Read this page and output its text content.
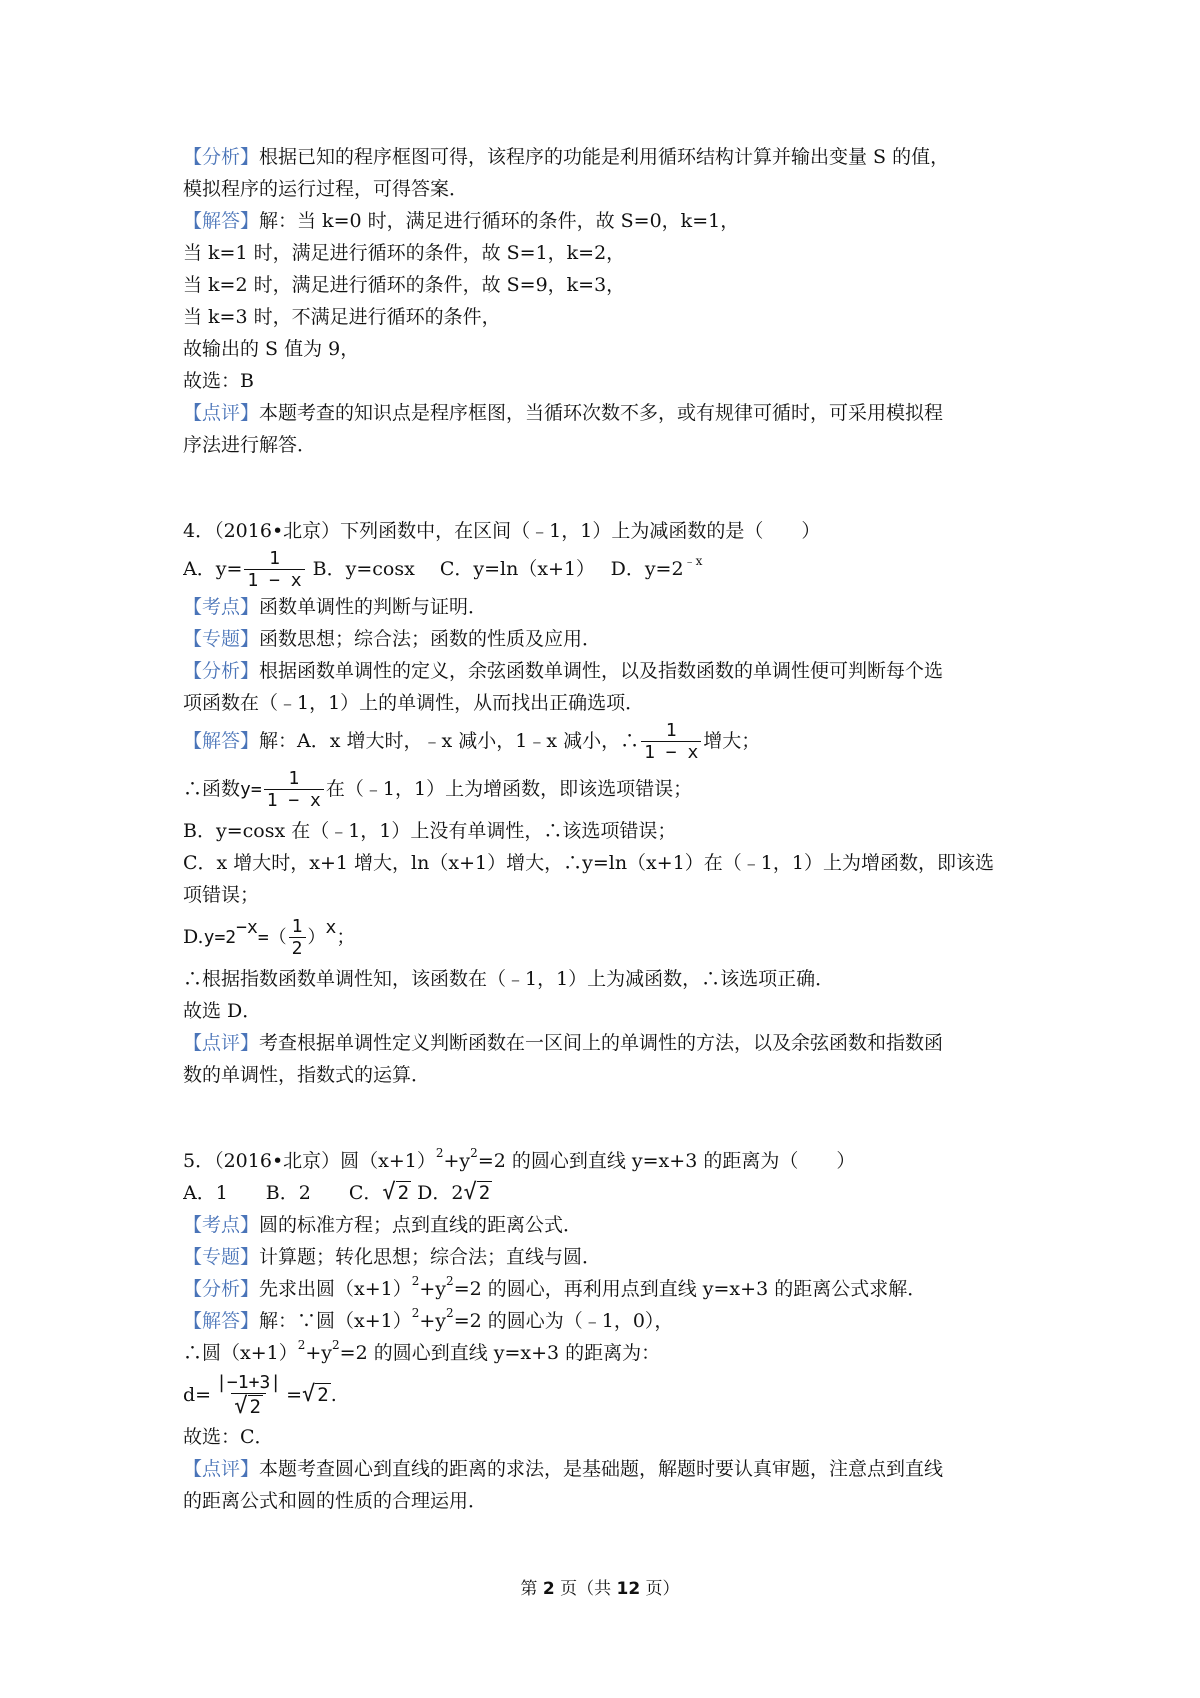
【分析】根据已知的程序框图可得，该程序的功能是利用循环结构计算并输出变量 S 的值，
模拟程序的运行过程，可得答案．
【解答】解：当 k=0 时，满足进行循环的条件，故 S=0，k=1，
当 k=1 时，满足进行循环的条件，故 S=1，k=2，
当 k=2 时，满足进行循环的条件，故 S=9，k=3，
当 k=3 时，不满足进行循环的条件，
故输出的 S 值为 9，
故选：B
【点评】本题考查的知识点是程序框图，当循环次数不多，或有规律可循时，可采用模拟程
序法进行解答．
4．（2016•北京）下列函数中，在区间（﹣1，1）上为减函数的是（　　）
A．$y= \frac{1}{1 - x}$ B．y=cosx　 C．y=ln（x+1）　 D．$y=2^{﹣x}$
【考点】函数单调性的判断与证明．
【专题】函数思想；综合法；函数的性质及应用．
【分析】根据函数单调性的定义，余弦函数单调性，以及指数函数的单调性便可判断每个选
项函数在（﹣1，1）上的单调性，从而找出正确选项．
【解答】解：A．x 增大时，﹣x 减小，1﹣x 减小，∴ $\frac{1}{1 - x}$ 增大；
∴函数$y= \frac{1}{1 - x}$ 在（﹣1，1）上为增函数，即该选项错误；
B．y=cosx 在（﹣1，1）上没有单调性，∴该选项错误；
C．x 增大时，x+1 增大，ln（x+1）增大，∴y=ln（x+1）在（﹣1，1）上为增函数，即该选
项错误；
$D.y=2^{-x}=( \frac{1}{2} )^x$；
∴根据指数函数单调性知，该函数在（﹣1，1）上为减函数，∴该选项正确．
故选 D．
【点评】考查根据单调性定义判断函数在一区间上的单调性的方法，以及余弦函数和指数函
数的单调性，指数式的运算．
5．（2016•北京）圆$(x+1)^2+y^2=2$ 的圆心到直线 y=x+3 的距离为（　　）
A．1　　B．2　　C．√ 2 D．2√ 2
【考点】圆的标准方程；点到直线的距离公式．
【专题】计算题；转化思想；综合法；直线与圆．
【分析】先求出圆$(x+1)^2+y^2=2$ 的圆心，再利用点到直线 y=x+3 的距离公式求解．
【解答】解：∵圆$(x+1)^2+y^2=2$ 的圆心为（﹣1，0），
∴圆$(x+1)^2+y^2=2$ 的圆心到直线 y=x+3 的距离为：
$d= \frac{|-1+3|}{√ 2}$ =√ 2 .
故选：C．
【点评】本题考查圆心到直线的距离的求法，是基础题，解题时要认真审题，注意点到直线
的距离公式和圆的性质的合理运用．
第 2 页（共 12 页）
